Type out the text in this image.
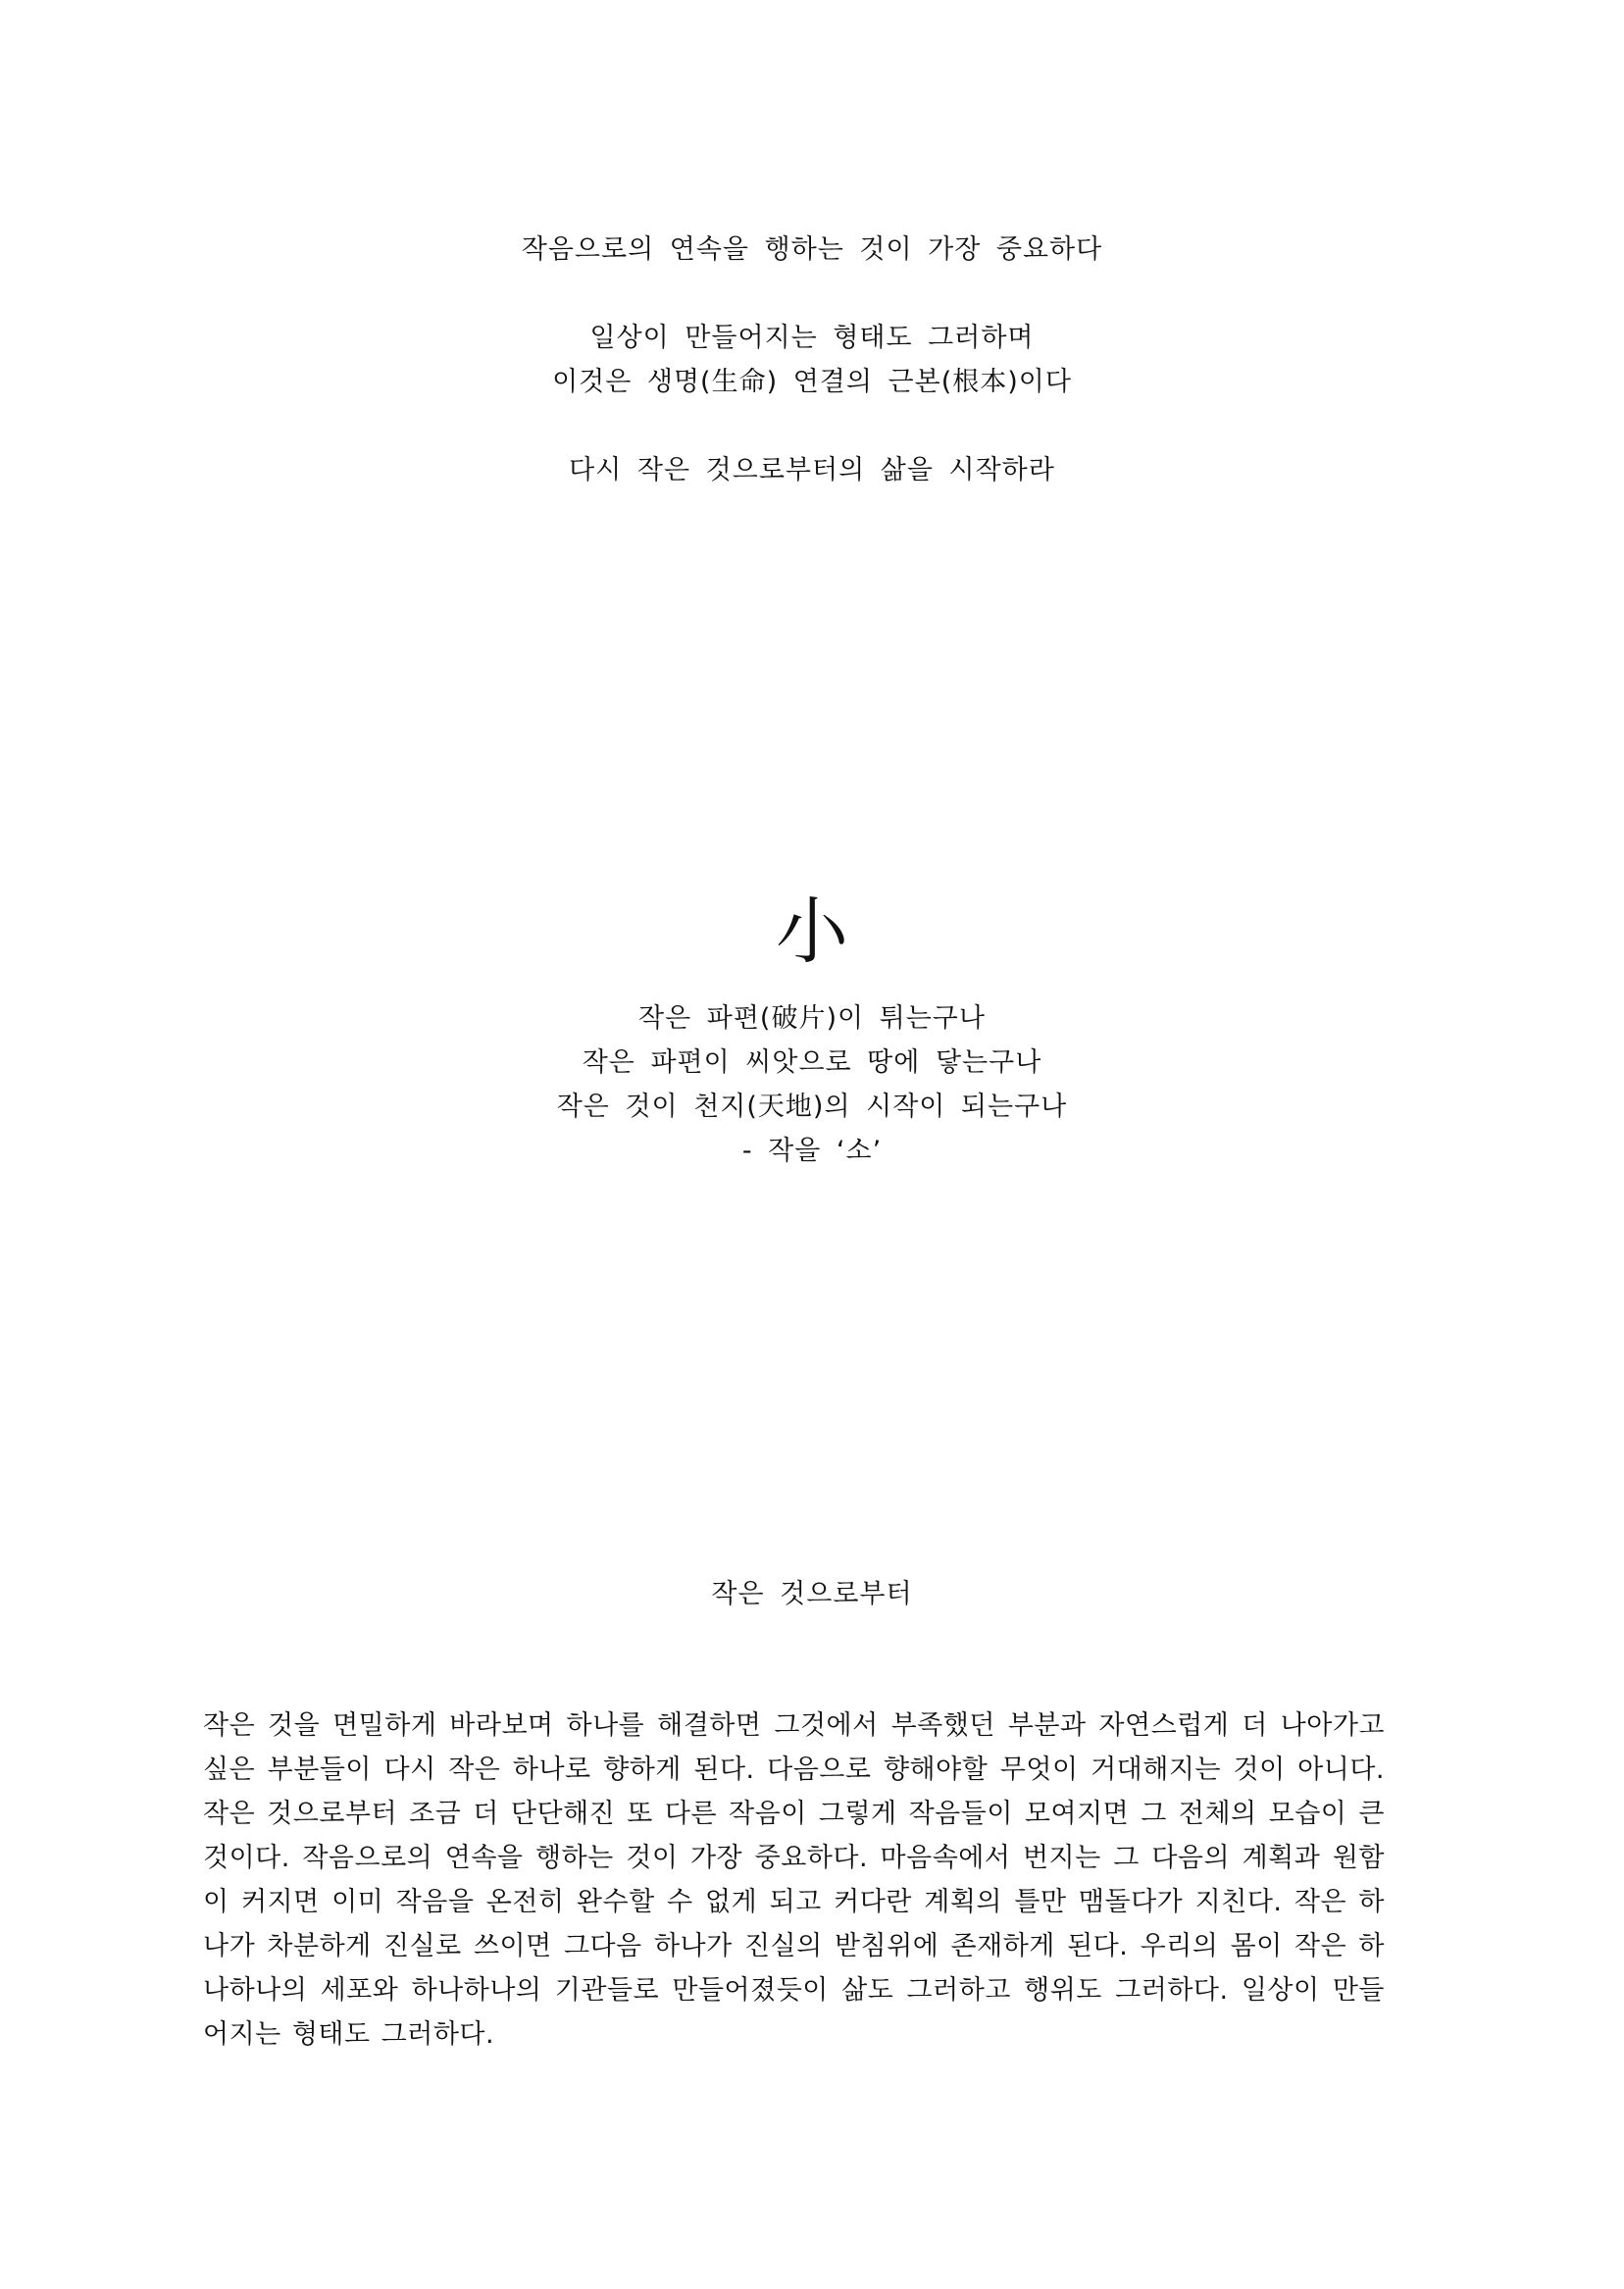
작음으로의 연속을 행하는 것이 가장 중요하다
일상이 만들어지는 형태도 그러하며
이것은 생명(生命) 연결의 근본(根本)이다
다시 작은 것으로부터의 삶을 시작하라
小
작은 파편(破片)이 튀는구나
작은 파편이 씨앗으로 땅에 닿는구나
작은 것이 천지(天地)의 시작이 되는구나
- 작을 ‘소’
작은 것으로부터
작은 것을 면밀하게 바라보며 하나를 해결하면 그것에서 부족했던 부분과 자연스럽게 더 나아가고 싶은 부분들이 다시 작은 하나로 향하게 된다. 다음으로 향해야할 무엇이 거대해지는 것이 아니다. 작은 것으로부터 조금 더 단단해진 또 다른 작음이 그렇게 작음들이 모여지면 그 전체의 모습이 큰 것이다. 작음으로의 연속을 행하는 것이 가장 중요하다. 마음속에서 번지는 그 다음의 계획과 원함이 커지면 이미 작음을 온전히 완수할 수 없게 되고 커다란 계획의 틀만 맴돌다가 지친다. 작은 하나가 차분하게 진실로 쓰이면 그다음 하나가 진실의 받침위에 존재하게 된다. 우리의 몸이 작은 하나하나의 세포와 하나하나의 기관들로 만들어졌듯이 삶도 그러하고 행위도 그러하다. 일상이 만들어지는 형태도 그러하다.
